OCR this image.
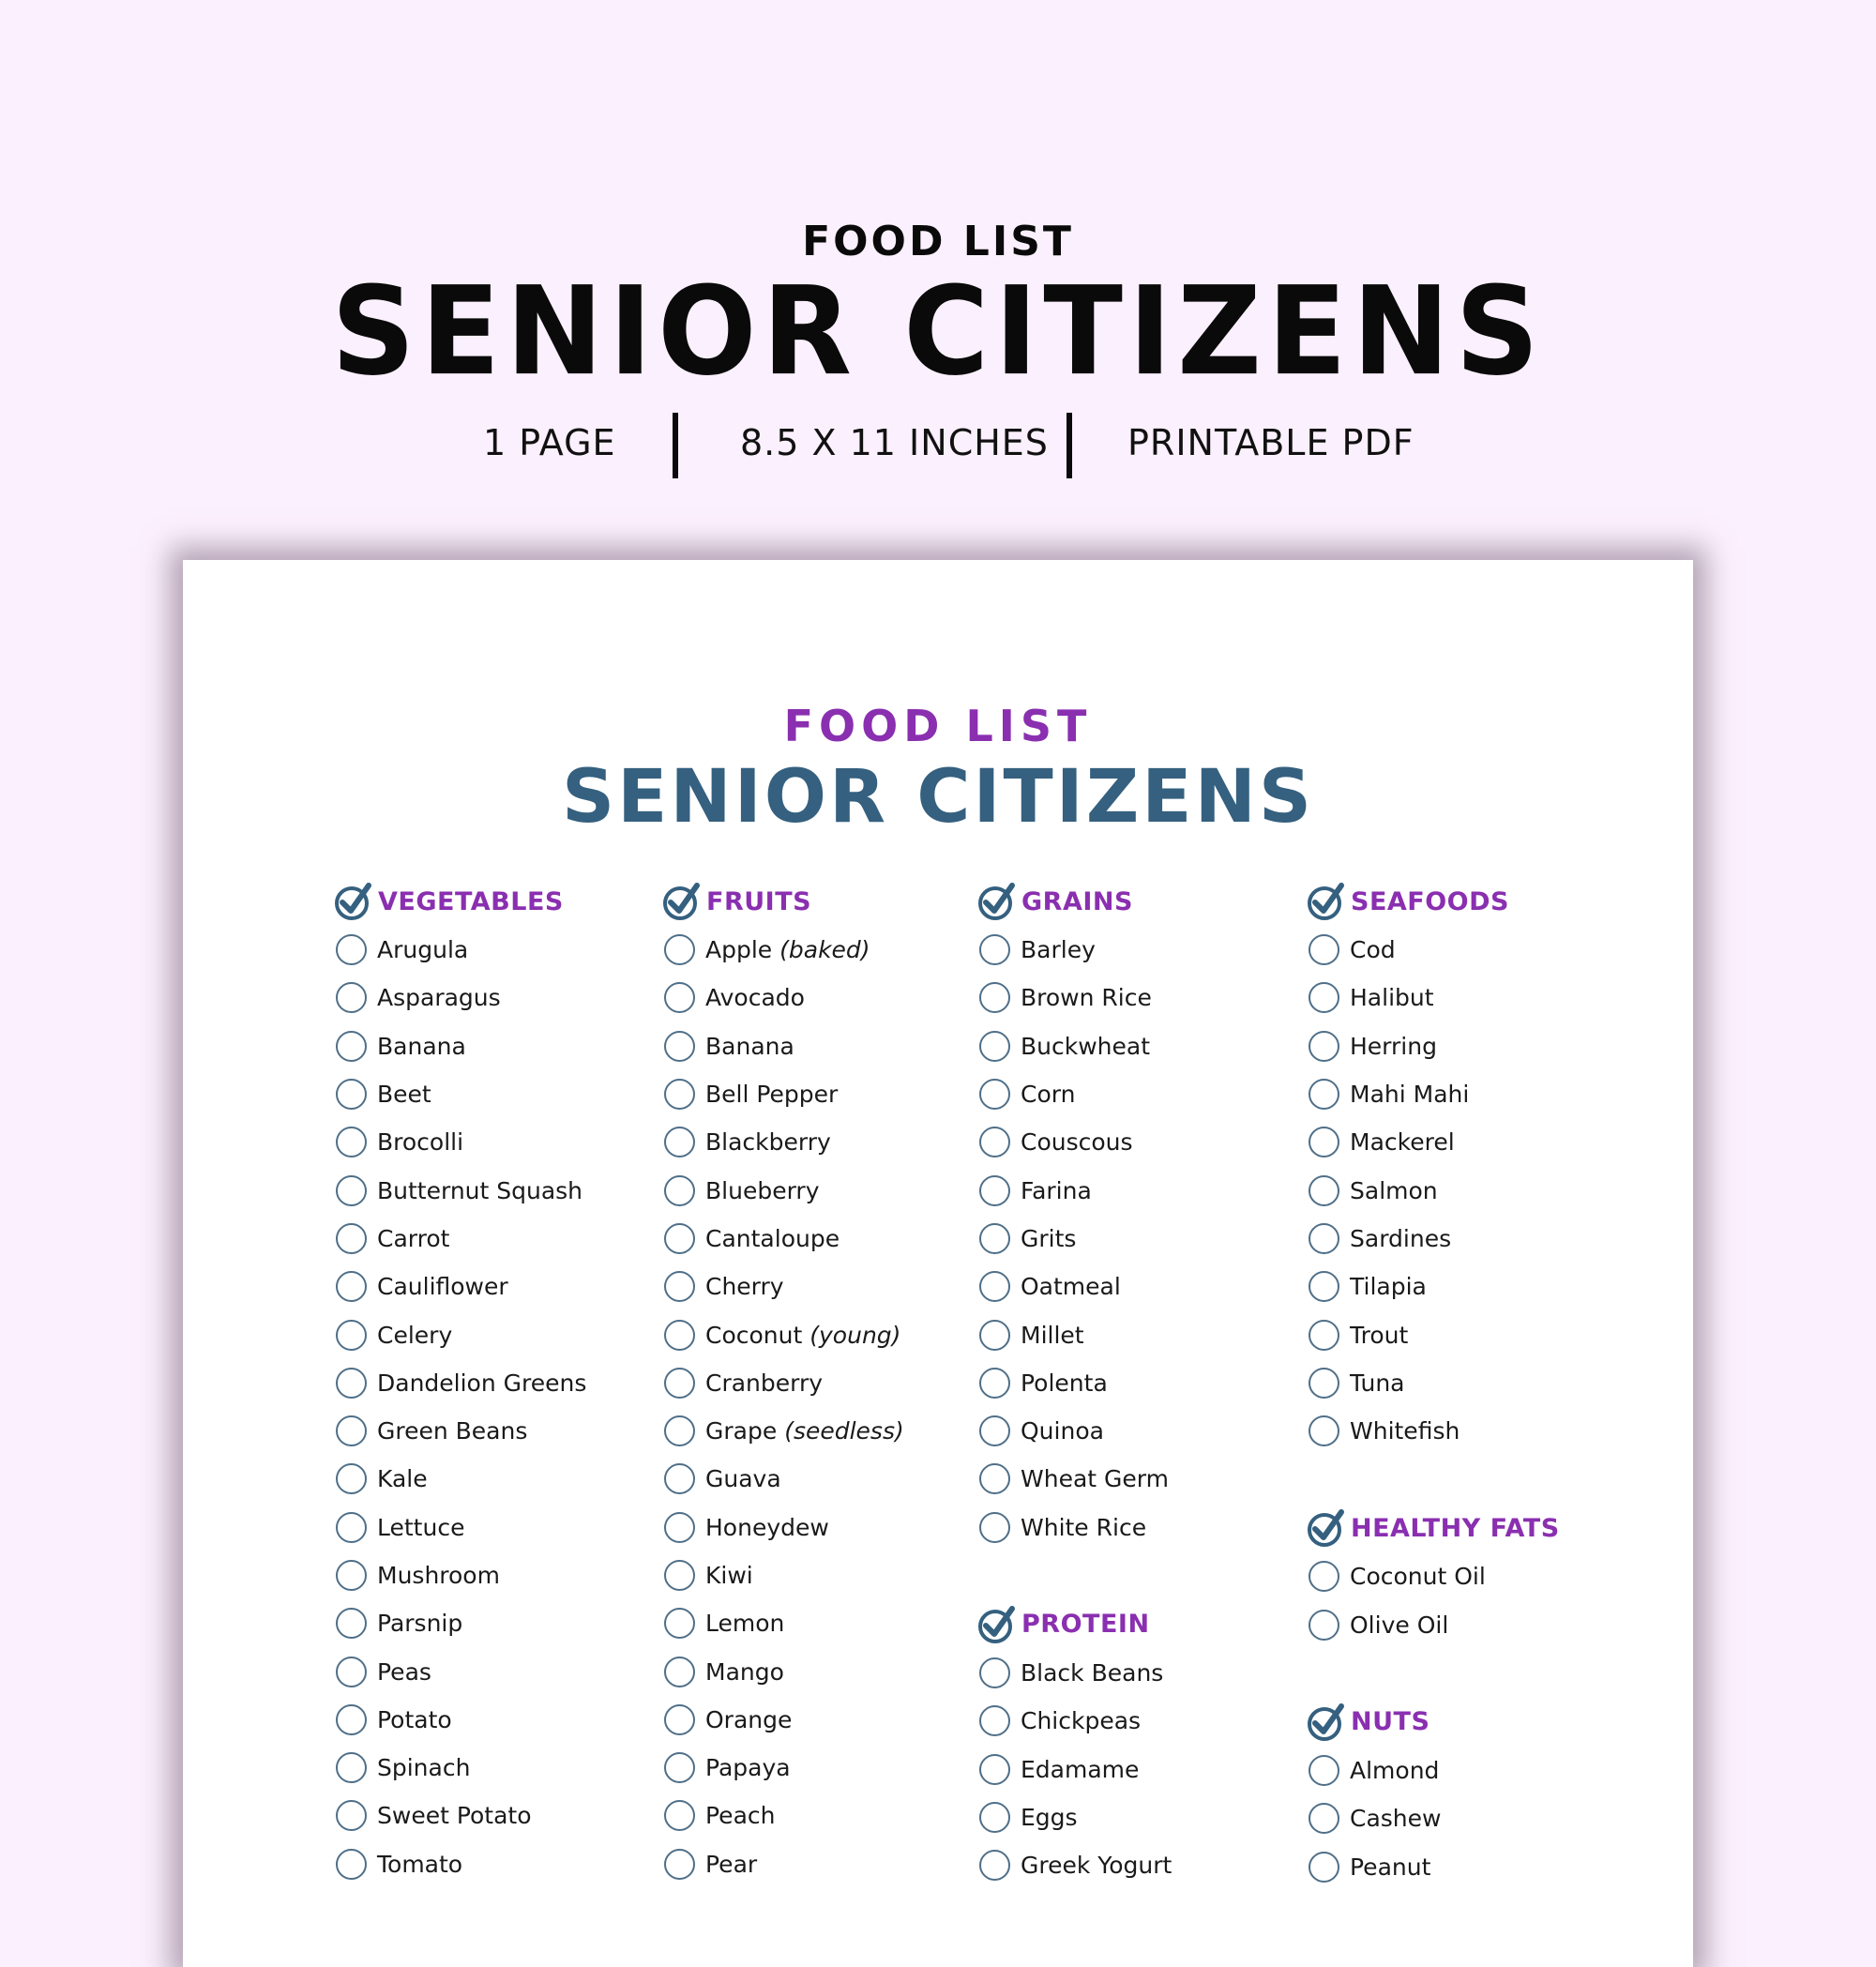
FOOD LIST
SENIOR CITIZENS
1 PAGE	8.5 X 11 INCHES PRINTABLE PDF
FOOD LIST
SENIOR CITIZENS
VEGETABLES
Arugula
Asparagus
Banana
Beet
Brocolli
Butternut Squash
Carrot
Cauliflower
Celery
Dandelion Greens
Green Beans
Kale
Lettuce
Mushroom
Parsnip
Peas
Potato
Spinach
Sweet Potato
Tomato
FRUITS
Apple (baked)
Avocado
Banana
Bell Pepper
Blackberry
Blueberry
Cantaloupe
Cherry
Coconut (young)
Cranberry
Grape (seedless)
Guava
Honeydew
Kiwi
Lemon
Mango
Orange
Papaya
Peach
Pear
GRAINS
Barley
Brown Rice
Buckwheat
Corn
Couscous
Farina
Grits
Oatmeal
Millet
Polenta
Quinoa
Wheat Germ
White Rice
PROTEIN
Black Beans
Chickpeas
Edamame
Eggs
Greek Yogurt
SEAFOODS
Cod
Halibut
Herring
Mahi Mahi
Mackerel
Salmon
Sardines
Tilapia
Trout
Tuna
Whitefish
HEALTHY FATS
Coconut Oil
Olive Oil
NUTS
Almond
Cashew
Peanut
